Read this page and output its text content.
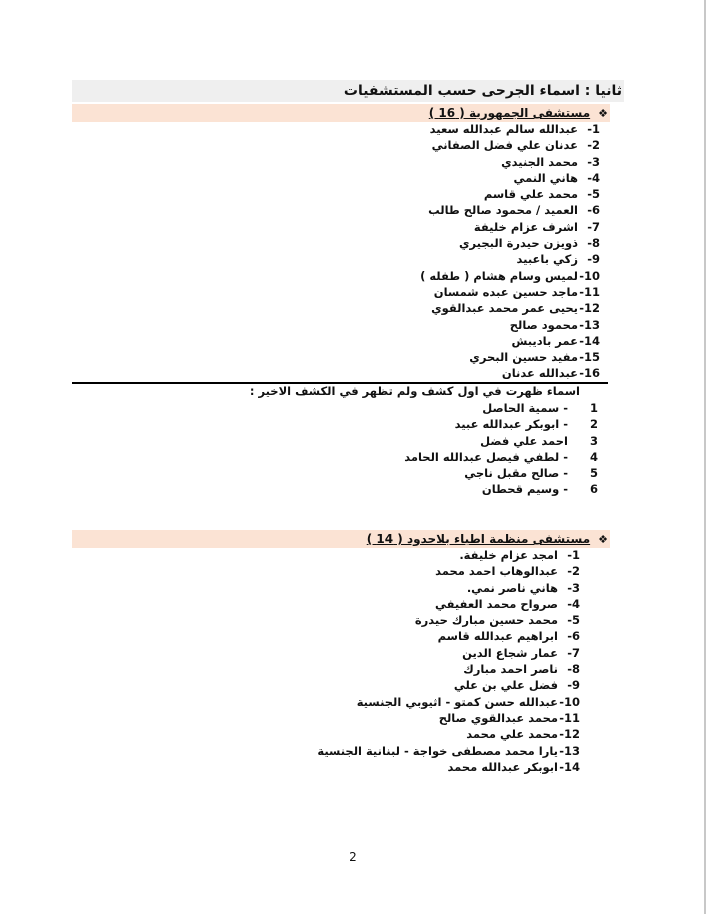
ثانيا : اسماء الجرحى حسب المستشفيات
❖مستشفى الجمهورية ( 16 )
1-عبدالله سالم عبدالله سعيد
2-عدنان علي فضل الصفاني
3-محمد الجنيدي
4-هاني النمي
5-محمد علي قاسم
6-العميد / محمود صالح طالب
7-اشرف عزام خليفة
8-ذويزن حيدرة البجيري
9-زكي باعبيد
10-لميس وسام هشام ( طفله )
11-ماجد حسين عبده شمسان
12-يحيى عمر محمد عبدالقوي
13-محمود صالح
14-عمر باديبش
15-مفيد حسين البحري
16-عبدالله عدنان
اسماء ظهرت في اول كشف ولم تظهر في الكشف الاخير :
1- سمية الحاصل
2- ابوبكر عبدالله عبيد
3احمد علي فضل
4- لطفي فيصل عبدالله الحامد
5- صالح مقبل ناجي
6- وسيم قحطان
❖مستشفى منظمة اطباء بلاحدود ( 14 )
1-امجد عزام خليفة.
2-عبدالوهاب احمد محمد
3-هاني ناصر نمي.
4-صرواح محمد العفيفي
5-محمد حسين مبارك حيدرة
6-ابراهيم عبدالله قاسم
7-عمار شجاع الدين
8-ناصر احمد مبارك
9-فضل علي بن علي
10-عبدالله حسن كمتو - اثيوبي الجنسية
11-محمد عبدالقوي صالح
12-محمد علي محمد
13-يارا محمد مصطفى خواجة - لبنانية الجنسية
14-ابوبكر عبدالله محمد
2
